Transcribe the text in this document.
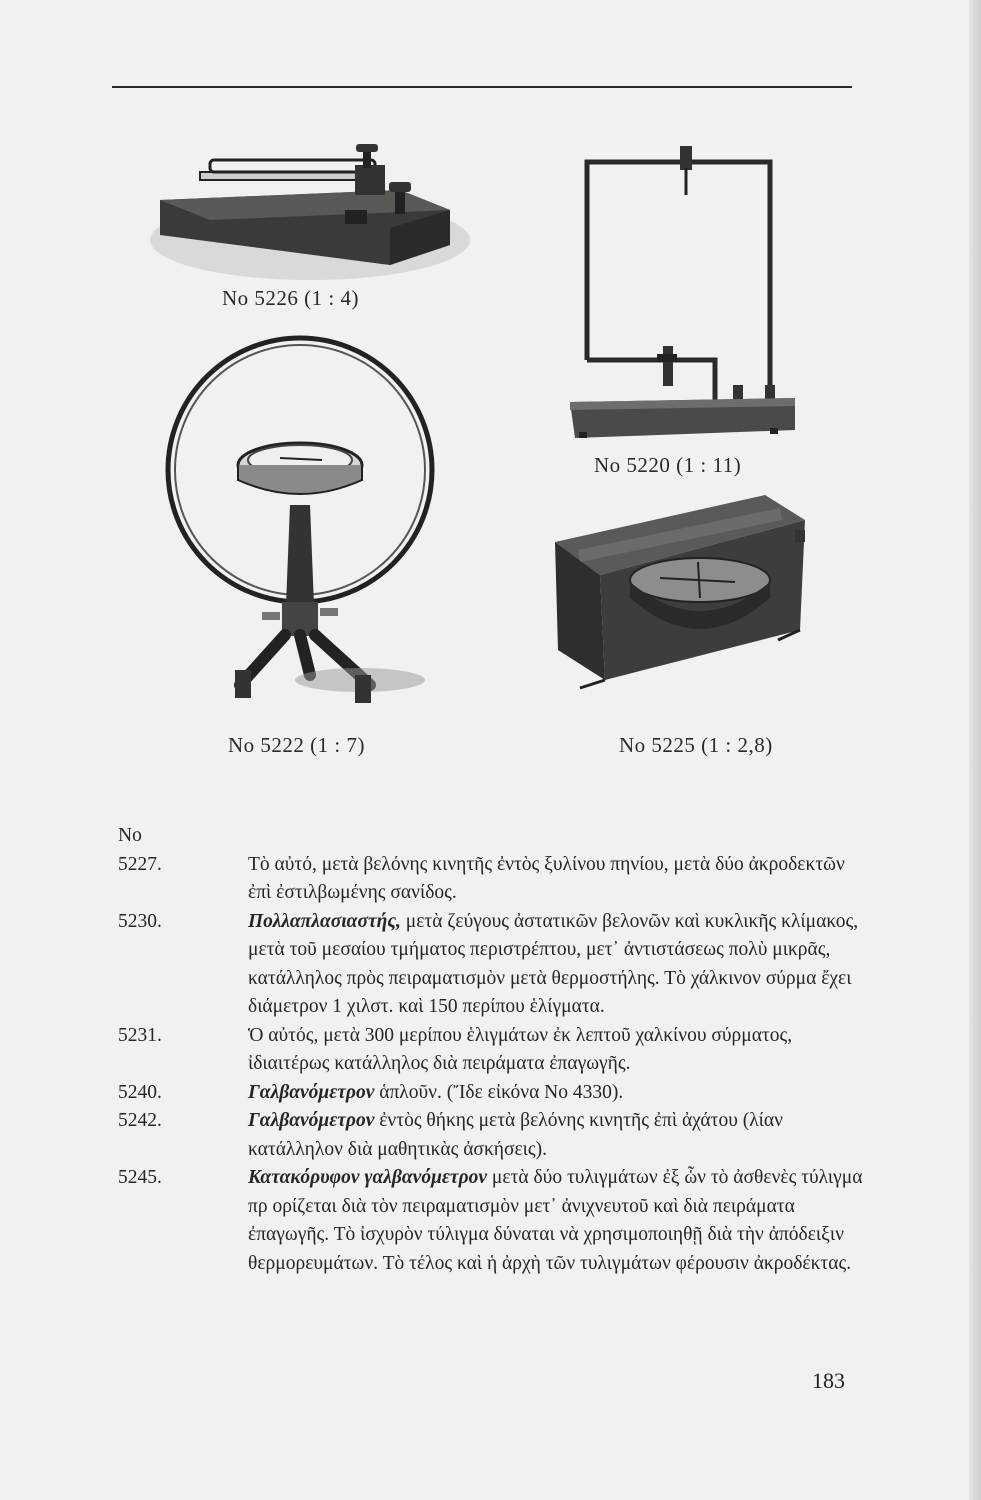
No 5226 (1 : 4)
No 5220 (1 : 11)
No 5222 (1 : 7)	No 5225 (1 : 2,8)
No
5227.	Τὸ αὐτό, μετὰ βελόνης κινητῆς ἐντὸς ξυλίνου πηνίου, μετὰ δύο ἀκροδεκτῶν ἐπὶ ἐστιλβωμένης σανίδος.
5230.	Πολλαπλασιαστής, μετὰ ζεύγους ἀστατικῶν βελονῶν καὶ κυκλικῆς κλίμακος, μετὰ τοῦ μεσαίου τμήματος περιστρέπτου, μετ᾽ ἀντιστάσεως πολὺ μικρᾶς, κατάλληλος πρὸς πειραματισμὸν μετὰ θερμοστήλης. Τὸ χάλκινον σύρμα ἔχει διάμετρον 1 χιλστ. καὶ 150 περίπου ἑλίγματα.
5231.	Ὁ αὐτός, μετὰ 300 μερίπου ἑλιγμάτων ἐκ λεπτοῦ χαλκίνου σύρματος, ἰδιαιτέρως κατάλληλος διὰ πειράματα ἐπαγωγῆς.
5240.	Γαλβανόμετρον ἁπλοῦν. (Ἴδε εἰκόνα Νο 4330).
5242.	Γαλβανόμετρον ἐντὸς θήκης μετὰ βελόνης κινητῆς ἐπὶ ἀχάτου (λίαν κατάλληλον διὰ μαθητικὰς ἀσκήσεις).
5245.	Κατακόρυφον γαλβανόμετρον μετὰ δύο τυλιγμάτων ἐξ ὧν τὸ ἀσθενὲς τύλιγμα πρ ορίζεται διὰ τὸν πειραματισμὸν μετ᾽ ἀνιχνευτοῦ καὶ διὰ πειράματα ἐπαγωγῆς. Τὸ ἰσχυρὸν τύλιγμα δύναται νὰ χρησιμοποιηθῇ διὰ τὴν ἀπόδειξιν θερμορευμάτων. Τὸ τέλος καὶ ἡ ἀρχὴ τῶν τυλιγμάτων φέρουσιν ἀκροδέκτας.
183
